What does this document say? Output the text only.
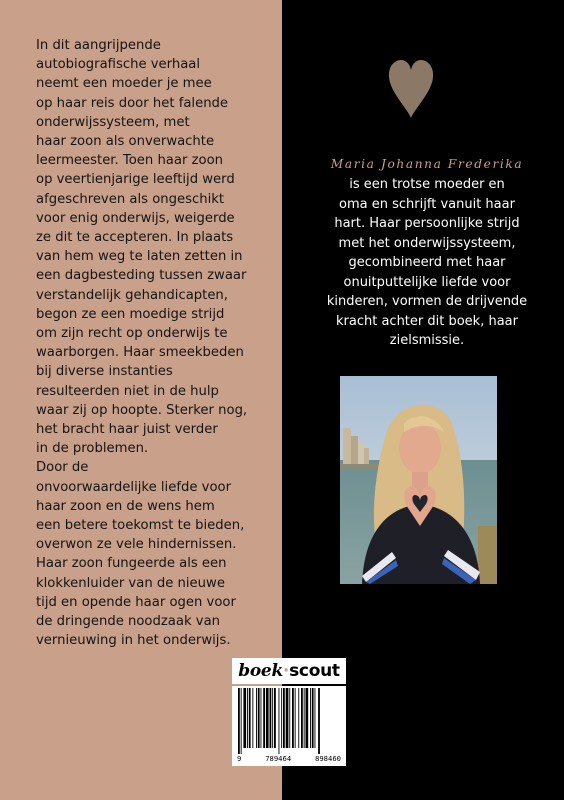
In dit aangrijpende
autobiografische verhaal
neemt een moeder je mee
op haar reis door het falende
onderwijssysteem, met
haar zoon als onverwachte
leermeester. Toen haar zoon
op veertienjarige leeftijd werd
afgeschreven als ongeschikt
voor enig onderwijs, weigerde
ze dit te accepteren. In plaats
van hem weg te laten zetten in
een dagbesteding tussen zwaar
verstandelijk gehandicapten,
begon ze een moedige strijd
om zijn recht op onderwijs te
waarborgen. Haar smeekbeden
bij diverse instanties
resulteerden niet in de hulp
waar zij op hoopte. Sterker nog,
het bracht haar juist verder
in de problemen.
Door de
onvoorwaardelijke liefde voor
haar zoon en de wens hem
een betere toekomst te bieden,
overwon ze vele hindernissen.
Haar zoon fungeerde als een
klokkenluider van de nieuwe
tijd en opende haar ogen voor
de dringende noodzaak van
vernieuwing in het onderwijs.

Maria Johanna Frederika

is een trotse moeder en
oma en schrijft vanuit haar
hart. Haar persoonlijke strijd
met het onderwijssysteem,
gecombineerd met haar
onuitputtelijke liefde voor
kinderen, vormen de drijvende
kracht achter dit boek, haar
zielsmissie.

boek · scout
9	789464	898460
